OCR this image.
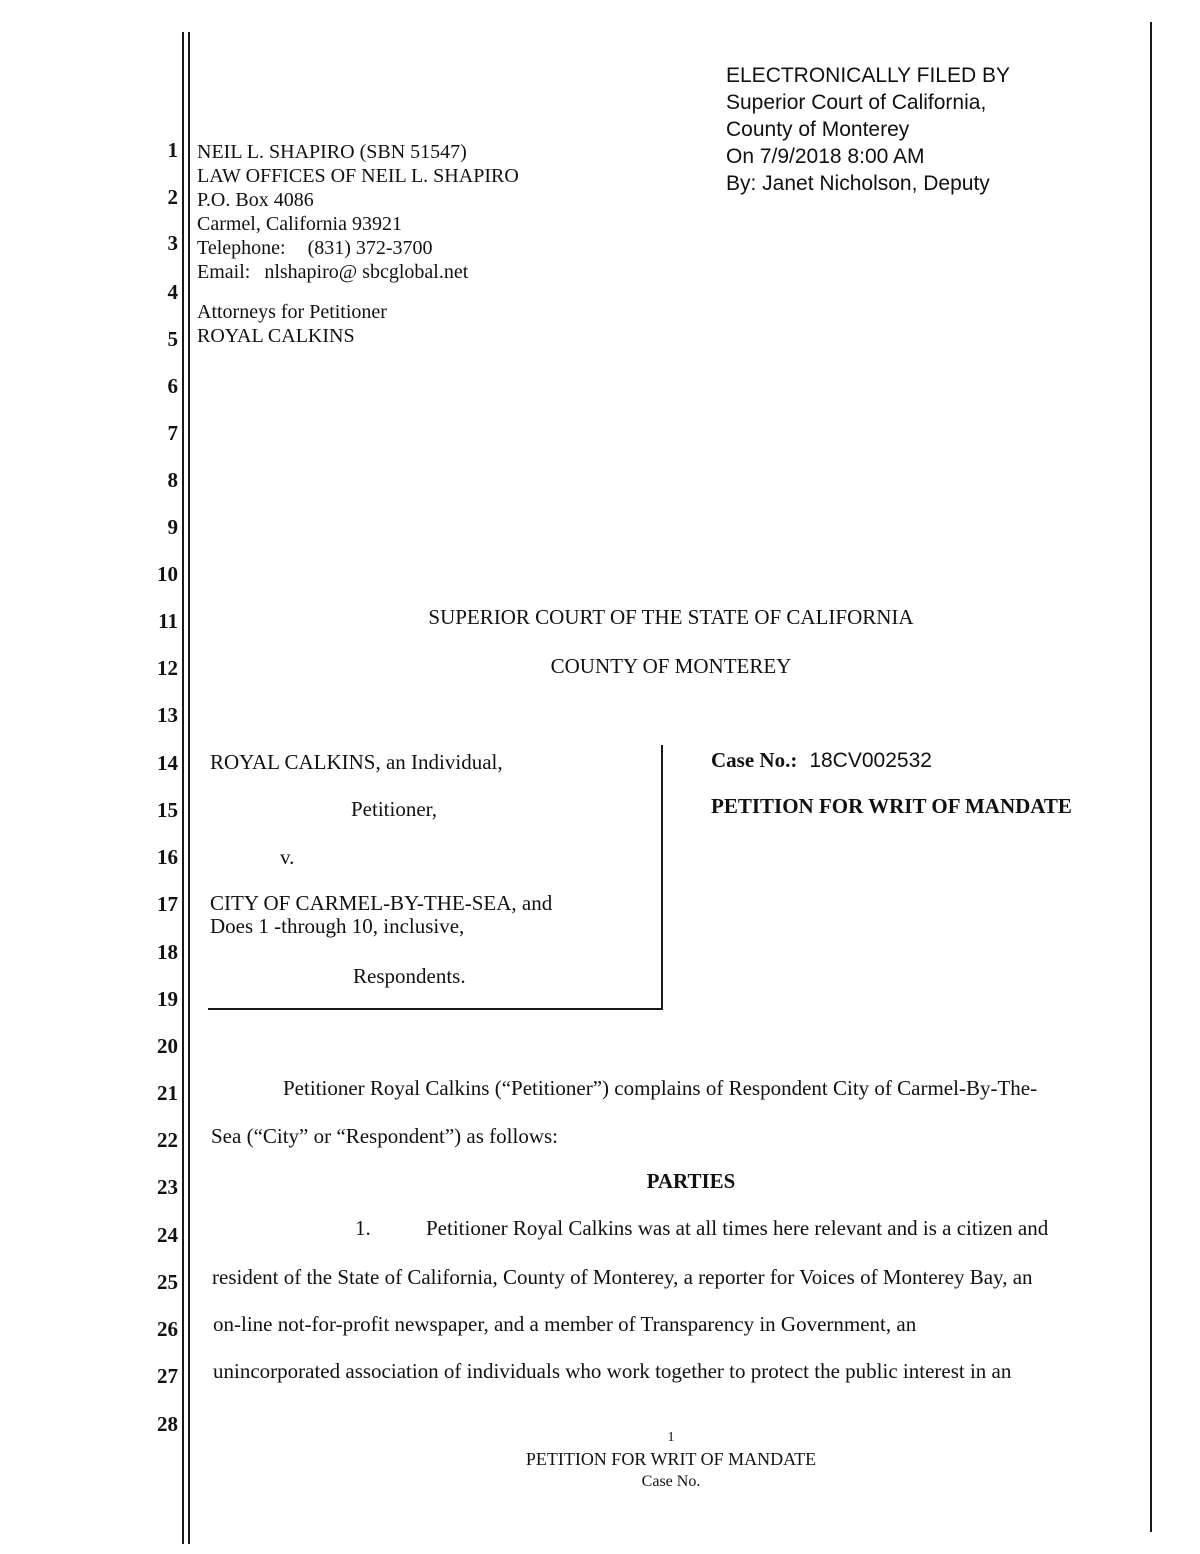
ELECTRONICALLY FILED BY
Superior Court of California,
County of Monterey
On 7/9/2018 8:00 AM
By: Janet Nicholson, Deputy
NEIL L. SHAPIRO (SBN 51547)
LAW OFFICES OF NEIL L. SHAPIRO
P.O. Box 4086
Carmel, California 93921
Telephone: (831) 372-3700
Email: nlshapiro@ sbcglobal.net
Attorneys for Petitioner
ROYAL CALKINS
1
2
3
4
5
6
7
8
9
10
11
12
13
14
15
16
17
18
19
20
21
22
23
24
25
26
27
28
SUPERIOR COURT OF THE STATE OF CALIFORNIA
COUNTY OF MONTEREY
ROYAL CALKINS, an Individual,
Petitioner,
v.
CITY OF CARMEL-BY-THE-SEA, and
Does 1 -through 10, inclusive,
Respondents.
Case No.: 18CV002532
PETITION FOR WRIT OF MANDATE
Petitioner Royal Calkins (“Petitioner”) complains of Respondent City of Carmel-By-The-
Sea (“City” or “Respondent”) as follows:
PARTIES
1.	Petitioner Royal Calkins was at all times here relevant and is a citizen and
resident of the State of California, County of Monterey, a reporter for Voices of Monterey Bay, an
on-line not-for-profit newspaper, and a member of Transparency in Government, an
unincorporated association of individuals who work together to protect the public interest in an
1
PETITION FOR WRIT OF MANDATE
Case No.
